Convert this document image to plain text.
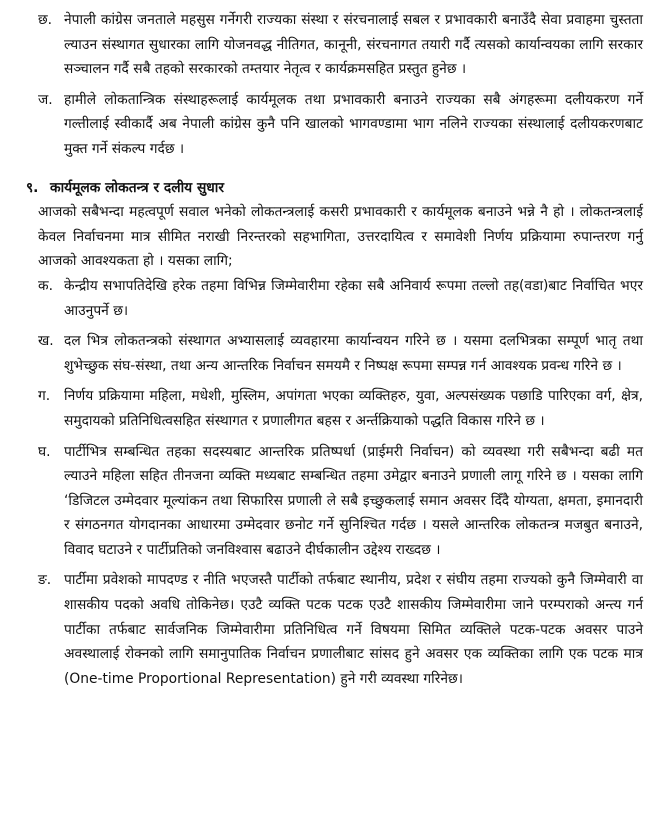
छ. नेपाली कांग्रेस जनताले महसुस गर्नेगरी राज्यका संस्था र संरचनालाई सबल र प्रभावकारी बनाउँदै सेवा प्रवाहमा चुस्तता ल्याउन संस्थागत सुधारका लागि योजनवद्ध नीतिगत, कानूनी, संरचनागत तयारी गर्दै त्यसको कार्यान्वयका लागि सरकार सञ्चालन गर्दै सबै तहको सरकारको तम्तयार नेतृत्व र कार्यक्रमसहित प्रस्तुत हुनेछ ।
ज. हामीले लोकतान्त्रिक संस्थाहरूलाई कार्यमूलक तथा प्रभावकारी बनाउने राज्यका सबै अंगहरूमा दलीयकरण गर्ने गल्तीलाई स्वीकार्दै अब नेपाली कांग्रेस कुनै पनि खालको भागवण्डामा भाग नलिने राज्यका संस्थालाई दलीयकरणबाट मुक्त गर्ने संकल्प गर्दछ ।
९. कार्यमूलक लोकतन्त्र र दलीय सुधार
आजको सबैभन्दा महत्वपूर्ण सवाल भनेको लोकतन्त्रलाई कसरी प्रभावकारी र कार्यमूलक बनाउने भन्ने नै हो । लोकतन्त्रलाई केवल निर्वाचनमा मात्र सीमित नराखी निरन्तरको सहभागिता, उत्तरदायित्व र समावेशी निर्णय प्रक्रियामा रुपान्तरण गर्नु आजको आवश्यकता हो । यसका लागि;
क. केन्द्रीय सभापतिदेखि हरेक तहमा विभिन्न जिम्मेवारीमा रहेका सबै अनिवार्य रूपमा तल्लो तह(वडा)बाट निर्वाचित भएर आउनुपर्ने छ।
ख. दल भित्र लोकतन्त्रको संस्थागत अभ्यासलाई व्यवहारमा कार्यान्वयन गरिने छ । यसमा दलभित्रका सम्पूर्ण भातृ तथा शुभेच्छुक संघ-संस्था, तथा अन्य आन्तरिक निर्वाचन समयमै र निष्पक्ष रूपमा सम्पन्न गर्न आवश्यक प्रवन्ध गरिने छ ।
ग.	निर्णय प्रक्रियामा महिला, मधेशी, मुस्लिम, अपांगता भएका व्यक्तिहरु, युवा, अल्पसंख्यक पछाडि पारिएका वर्ग, क्षेत्र, समुदायको प्रतिनिधित्वसहित संस्थागत र प्रणालीगत बहस र अर्न्तक्रियाको पद्धति विकास गरिने छ ।
घ. पार्टीभित्र सम्बन्धित तहका सदस्यबाट आन्तरिक प्रतिष्पर्धा (प्राईमरी निर्वाचन) को व्यवस्था गरी सबैभन्दा बढी मत ल्याउने महिला सहित तीनजना व्यक्ति मध्यबाट सम्बन्धित तहमा उमेद्वार बनाउने प्रणाली लागू गरिने छ । यसका लागि ‘डिजिटल उम्मेदवार मूल्यांकन तथा सिफारिस प्रणाली ले सबै इच्छुकलाई समान अवसर दिँदै योग्यता, क्षमता, इमानदारी र संगठनगत योगदानका आधारमा उम्मेदवार छनोट गर्ने सुनिश्चित गर्दछ । यसले आन्तरिक लोकतन्त्र मजबुत बनाउने, विवाद घटाउने र पार्टीप्रतिको जनविश्वास बढाउने दीर्घकालीन उद्देश्य राख्दछ ।
ङ. पार्टीमा प्रवेशको मापदण्ड र नीति भएजस्तै पार्टीको तर्फबाट स्थानीय, प्रदेश र संघीय तहमा राज्यको कुनै जिम्मेवारी वा शासकीय पदको अवधि तोकिनेछ। एउटै व्यक्ति पटक पटक एउटै शासकीय जिम्मेवारीमा जाने परम्पराको अन्त्य गर्न पार्टीका तर्फबाट सार्वजनिक जिम्मेवारीमा प्रतिनिधित्व गर्ने विषयमा सिमित व्यक्तिले पटक-पटक अवसर पाउने अवस्थालाई रोक्नको लागि समानुपातिक निर्वाचन प्रणालीबाट सांसद हुने अवसर एक व्यक्तिका लागि एक पटक मात्र (One-time Proportional Representation) हुने गरी व्यवस्था गरिनेछ।
